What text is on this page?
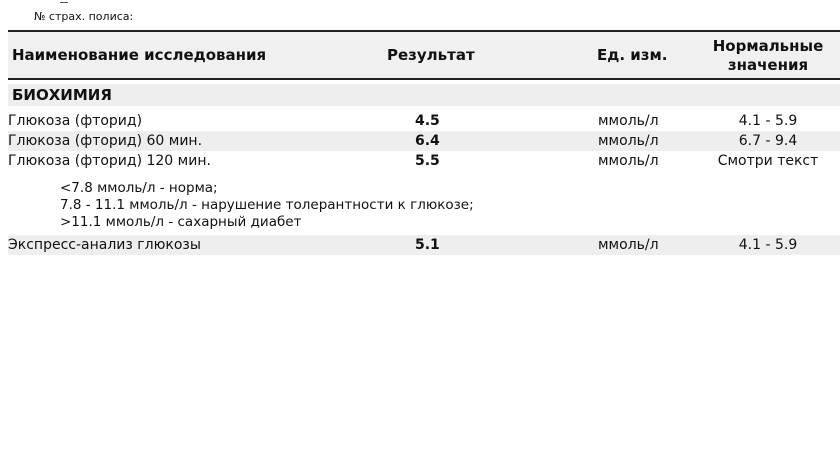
№ страх. полиса:
Наименование исследования	Результат	Ед. изм.	Нормальные
значения
БИОХИМИЯ
Глюкоза (фторид)	4.5	ммоль/л	4.1 - 5.9
Глюкоза (фторид) 60 мин.	6.4	ммоль/л	6.7 - 9.4
Глюкоза (фторид) 120 мин.	5.5	ммоль/л	Смотри текст
<7.8 ммоль/л - норма;
7.8 - 11.1 ммоль/л - нарушение толерантности к глюкозе;
>11.1 ммоль/л - сахарный диабет
Экспресс-анализ глюкозы	5.1	ммоль/л	4.1 - 5.9
